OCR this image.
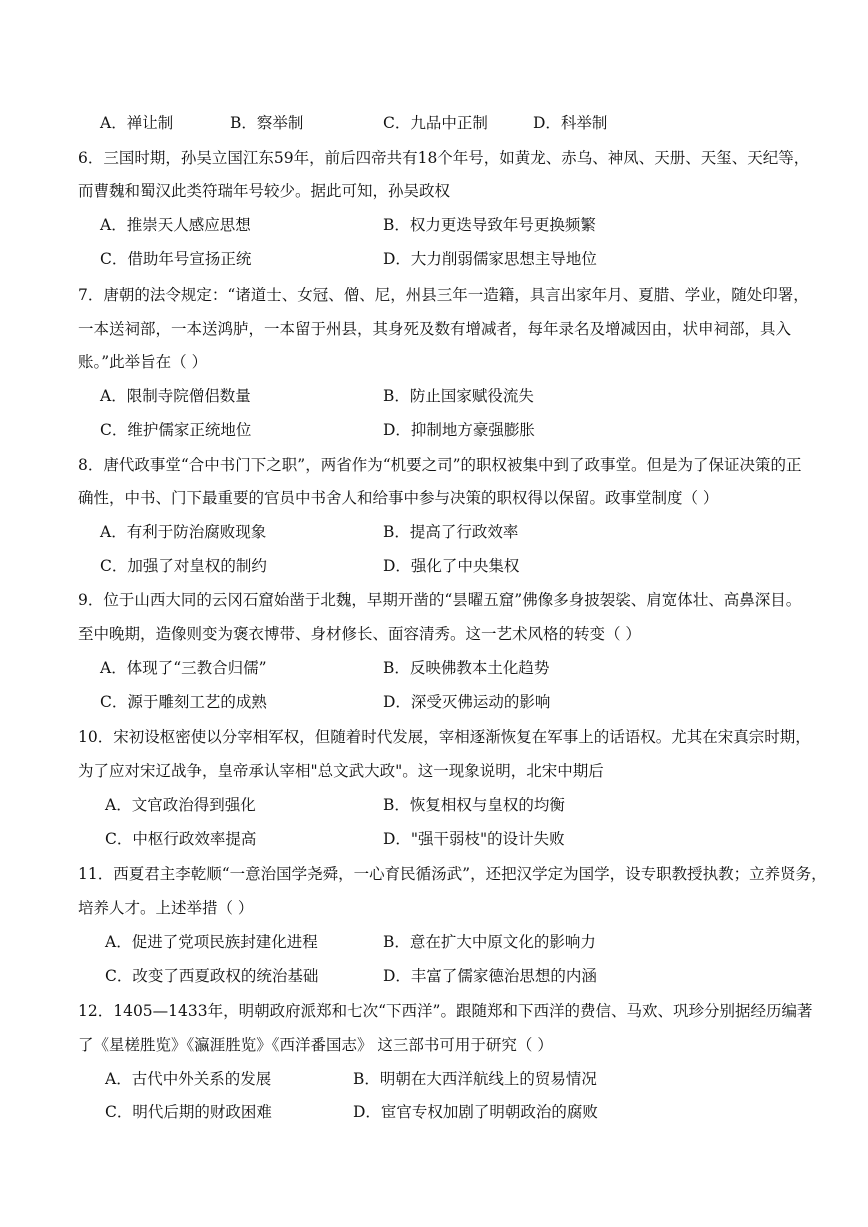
A．禅让制	B．察举制	C．九品中正制	D．科举制
6．三国时期，孙吴立国江东59年，前后四帝共有18个年号，如黄龙、赤乌、神凤、天册、天玺、天纪等，
而曹魏和蜀汉此类符瑞年号较少。据此可知，孙吴政权
A．推崇天人感应思想	B．权力更迭导致年号更换频繁
C．借助年号宣扬正统	D．大力削弱儒家思想主导地位
7．唐朝的法令规定：“诸道士、女冠、僧、尼，州县三年一造籍，具言出家年月、夏腊、学业，随处印署，
一本送祠部，一本送鸿胪，一本留于州县，其身死及数有增减者，每年录名及增减因由，状申祠部，具入
账。”此举旨在（ ）
A．限制寺院僧侣数量	B．防止国家赋役流失
C．维护儒家正统地位	D．抑制地方豪强膨胀
8．唐代政事堂“合中书门下之职”，两省作为“机要之司”的职权被集中到了政事堂。但是为了保证决策的正
确性，中书、门下最重要的官员中书舍人和给事中参与决策的职权得以保留。政事堂制度（ ）
A．有利于防治腐败现象	B．提高了行政效率
C．加强了对皇权的制约	D．强化了中央集权
9．位于山西大同的云冈石窟始凿于北魏，早期开凿的“昙曜五窟”佛像多身披袈裟、肩宽体壮、高鼻深目。
至中晚期，造像则变为褒衣博带、身材修长、面容清秀。这一艺术风格的转变（ ）
A．体现了“三教合归儒”	B．反映佛教本土化趋势
C．源于雕刻工艺的成熟	D．深受灭佛运动的影响
10．宋初设枢密使以分宰相军权，但随着时代发展，宰相逐渐恢复在军事上的话语权。尤其在宋真宗时期，
为了应对宋辽战争，皇帝承认宰相"总文武大政"。这一现象说明，北宋中期后
A．文官政治得到强化	B．恢复相权与皇权的均衡
C．中枢行政效率提高	D．"强干弱枝"的设计失败
11．西夏君主李乾顺“一意治国学尧舜，一心育民循汤武”，还把汉学定为国学，设专职教授执教；立养贤务，
培养人才。上述举措（ ）
A．促进了党项民族封建化进程	B．意在扩大中原文化的影响力
C．改变了西夏政权的统治基础	D．丰富了儒家德治思想的内涵
12．1405—1433年，明朝政府派郑和七次“下西洋”。跟随郑和下西洋的费信、马欢、巩珍分别据经历编著
了《星槎胜览》《瀛涯胜览》《西洋番国志》 这三部书可用于研究（ ）
A．古代中外关系的发展	B．明朝在大西洋航线上的贸易情况
C．明代后期的财政困难	D．宦官专权加剧了明朝政治的腐败
